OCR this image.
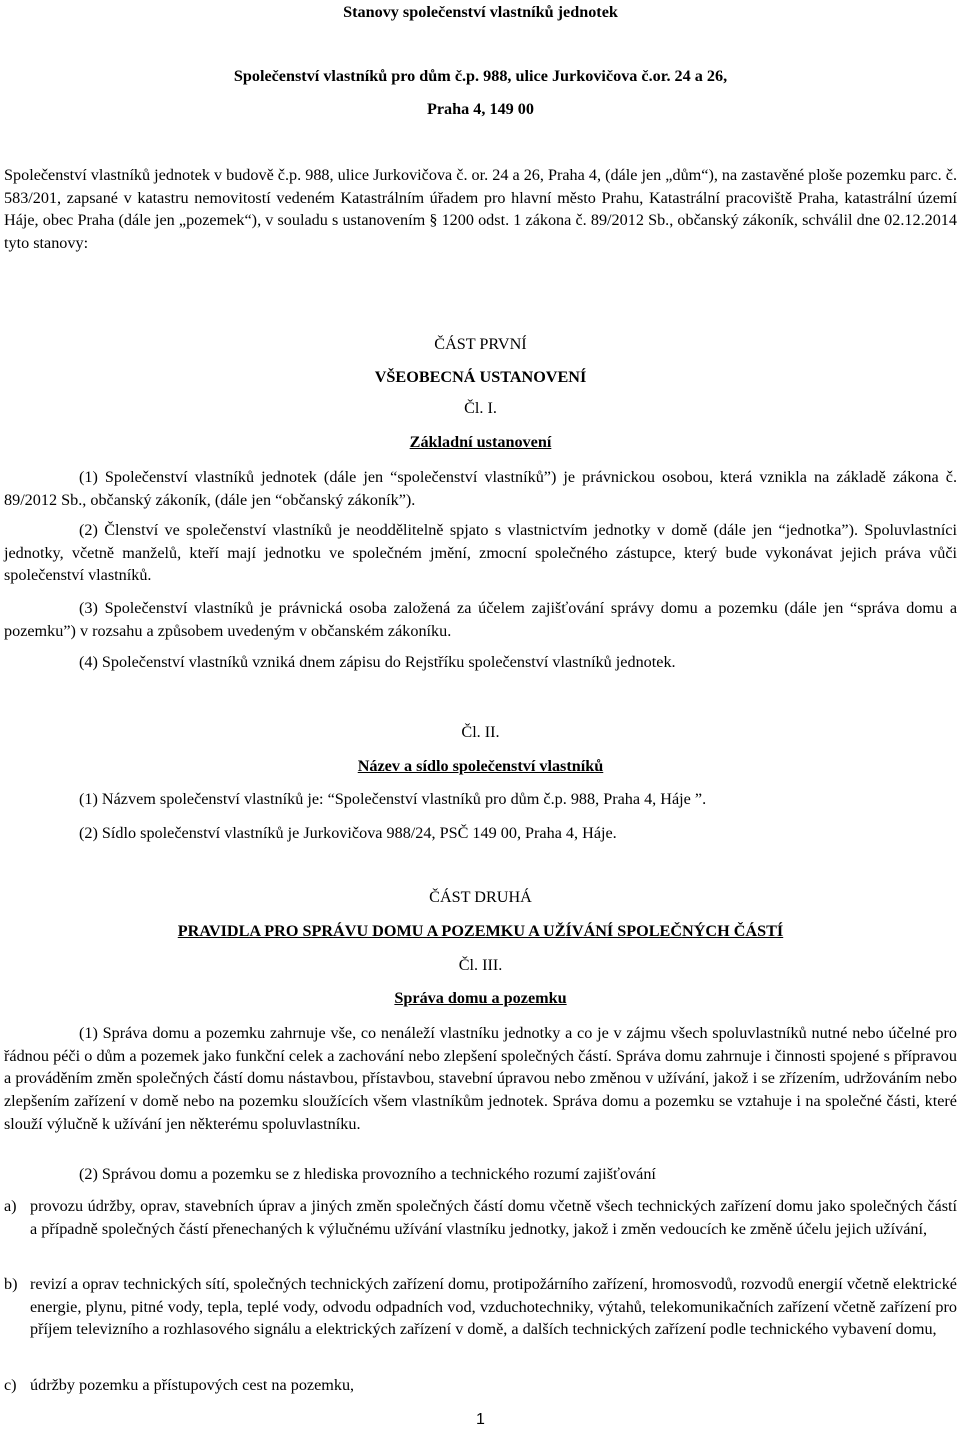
Stanovy společenství vlastníků jednotek
Společenství vlastníků pro dům č.p. 988, ulice Jurkovičova č.or. 24 a 26,
Praha 4, 149 00
Společenství vlastníků jednotek v budově č.p. 988, ulice Jurkovičova č. or. 24 a 26, Praha 4, (dále jen „dům“), na zastavěné ploše pozemku parc. č. 583/201, zapsané v katastru nemovitostí vedeném Katastrálním úřadem pro hlavní město Prahu, Katastrální pracoviště Praha, katastrální území Háje, obec Praha (dále jen „pozemek“), v souladu s ustanovením § 1200 odst. 1 zákona č. 89/2012 Sb., občanský zákoník, schválil dne 02.12.2014 tyto stanovy:
ČÁST PRVNÍ
VŠEOBECNÁ USTANOVENÍ
Čl. I.
Základní ustanovení
(1) Společenství vlastníků jednotek (dále jen “společenství vlastníků”) je právnickou osobou, která vznikla na základě zákona č. 89/2012 Sb., občanský zákoník, (dále jen “občanský zákoník”).
(2) Členství ve společenství vlastníků je neoddělitelně spjato s vlastnictvím jednotky v domě (dále jen “jednotka”). Spoluvlastníci jednotky, včetně manželů, kteří mají jednotku ve společném jmění, zmocní společného zástupce, který bude vykonávat jejich práva vůči společenství vlastníků.
(3) Společenství vlastníků je právnická osoba založená za účelem zajišťování správy domu a pozemku (dále jen “správa domu a pozemku”) v rozsahu a způsobem uvedeným v občanském zákoníku.
(4) Společenství vlastníků vzniká dnem zápisu do Rejstříku společenství vlastníků jednotek.
Čl. II.
Název a sídlo společenství vlastníků
(1) Názvem společenství vlastníků je: “Společenství vlastníků pro dům č.p. 988, Praha 4, Háje ”.
(2) Sídlo společenství vlastníků je Jurkovičova 988/24, PSČ 149 00, Praha 4, Háje.
ČÁST DRUHÁ
PRAVIDLA PRO SPRÁVU DOMU A POZEMKU A UŽÍVÁNÍ SPOLEČNÝCH ČÁSTÍ
Čl. III.
Správa domu a pozemku
(1) Správa domu a pozemku zahrnuje vše, co nenáleží vlastníku jednotky a co je v zájmu všech spoluvlastníků nutné nebo účelné pro řádnou péči o dům a pozemek jako funkční celek a zachování nebo zlepšení společných částí. Správa domu zahrnuje i činnosti spojené s přípravou a prováděním změn společných částí domu nástavbou, přístavbou, stavební úpravou nebo změnou v užívání, jakož i se zřízením, udržováním nebo zlepšením zařízení v domě nebo na pozemku sloužících všem vlastníkům jednotek. Správa domu a pozemku se vztahuje i na společné části, které slouží výlučně k užívání jen některému spoluvlastníku.
(2) Správou domu a pozemku se z hlediska provozního a technického rozumí zajišťování
a) provozu údržby, oprav, stavebních úprav a jiných změn společných částí domu včetně všech technických zařízení domu jako společných částí a případně společných částí přenechaných k výlučnému užívání vlastníku jednotky, jakož i změn vedoucích ke změně účelu jejich užívání,
b) revizí a oprav technických sítí, společných technických zařízení domu, protipožárního zařízení, hromosvodů, rozvodů energií včetně elektrické energie, plynu, pitné vody, tepla, teplé vody, odvodu odpadních vod, vzduchotechniky, výtahů, telekomunikačních zařízení včetně zařízení pro příjem televizního a rozhlasového signálu a elektrických zařízení v domě, a dalších technických zařízení podle technického vybavení domu,
c) údržby pozemku a přístupových cest na pozemku,
1
